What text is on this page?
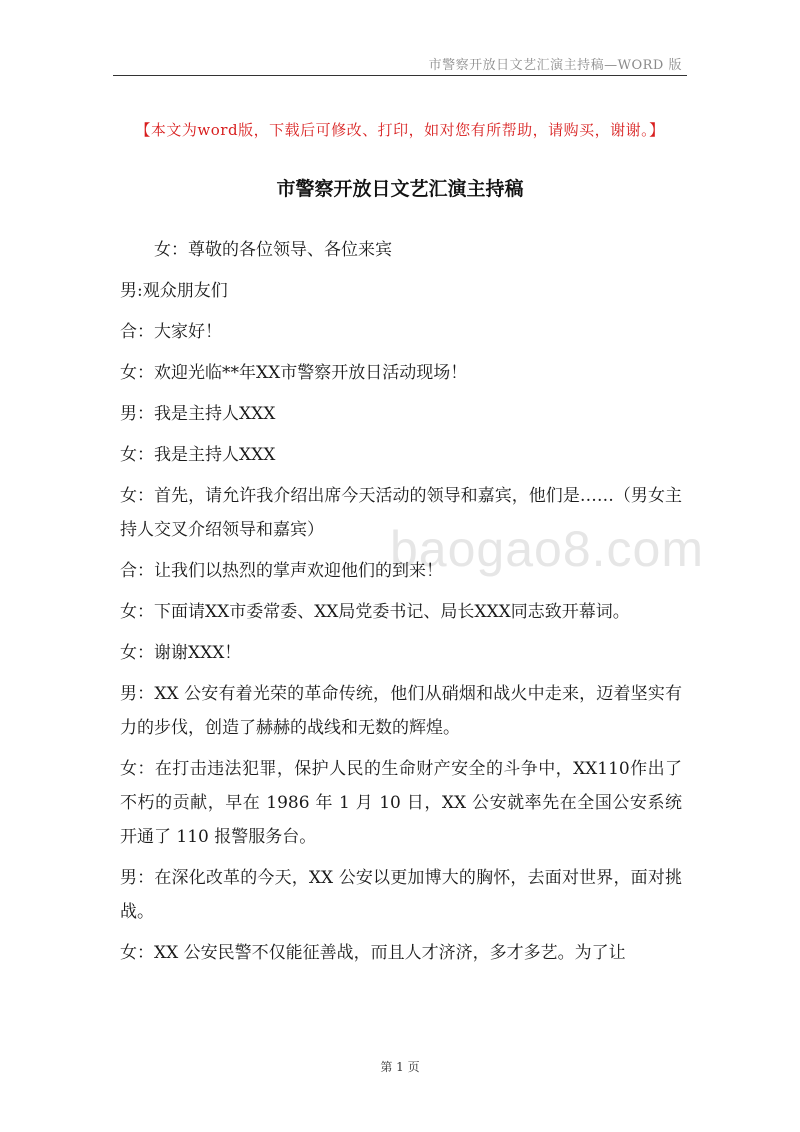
市警察开放日文艺汇演主持稿—WORD 版
【本文为word版，下载后可修改、打印，如对您有所帮助，请购买，谢谢。】
市警察开放日文艺汇演主持稿
baogao8.com

女：尊敬的各位领导、各位来宾

男:观众朋友们

合：大家好！

女：欢迎光临**年XX市警察开放日活动现场！

男：我是主持人XXX

女：我是主持人XXX

女：首先，请允许我介绍出席今天活动的领导和嘉宾，他们是……（男女主持人交叉介绍领导和嘉宾）

合：让我们以热烈的掌声欢迎他们的到来！

女：下面请XX市委常委、XX局党委书记、局长XXX同志致开幕词。

女：谢谢XXX！

男：XX 公安有着光荣的革命传统，他们从硝烟和战火中走来，迈着坚实有力的步伐，创造了赫赫的战线和无数的辉煌。

女：在打击违法犯罪，保护人民的生命财产安全的斗争中，XX110作出了不朽的贡献，早在 1986 年 1 月 10 日，XX 公安就率先在全国公安系统开通了 110 报警服务台。

男：在深化改革的今天，XX 公安以更加博大的胸怀，去面对世界，面对挑战。

女：XX 公安民警不仅能征善战，而且人才济济，多才多艺。为了让

第 1 页
